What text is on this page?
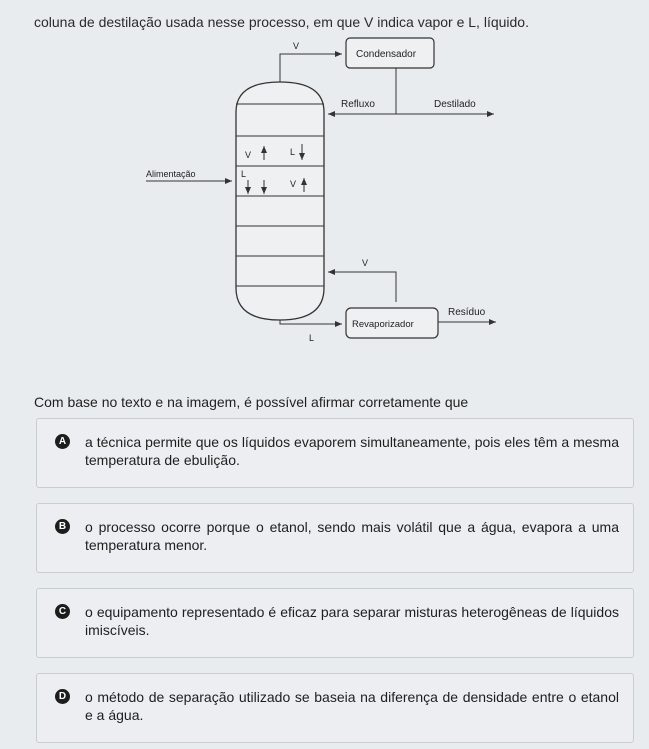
coluna de destilação usada nesse processo, em que V indica vapor e L, líquido.
V
Condensador
Refluxo	Destilado
V	L
Alimentação	L
V
V
L
Revaporizador
Resíduo
Com base no texto e na imagem, é possível afirmar corretamente que
A a técnica permite que os líquidos evaporem simultaneamente, pois eles têm a mesma temperatura de ebulição.
B o processo ocorre porque o etanol, sendo mais volátil que a água, evapora a uma temperatura menor.
C o equipamento representado é eficaz para separar misturas heterogêneas de líquidos imiscíveis.
D o método de separação utilizado se baseia na diferença de densidade entre o etanol e a água.
